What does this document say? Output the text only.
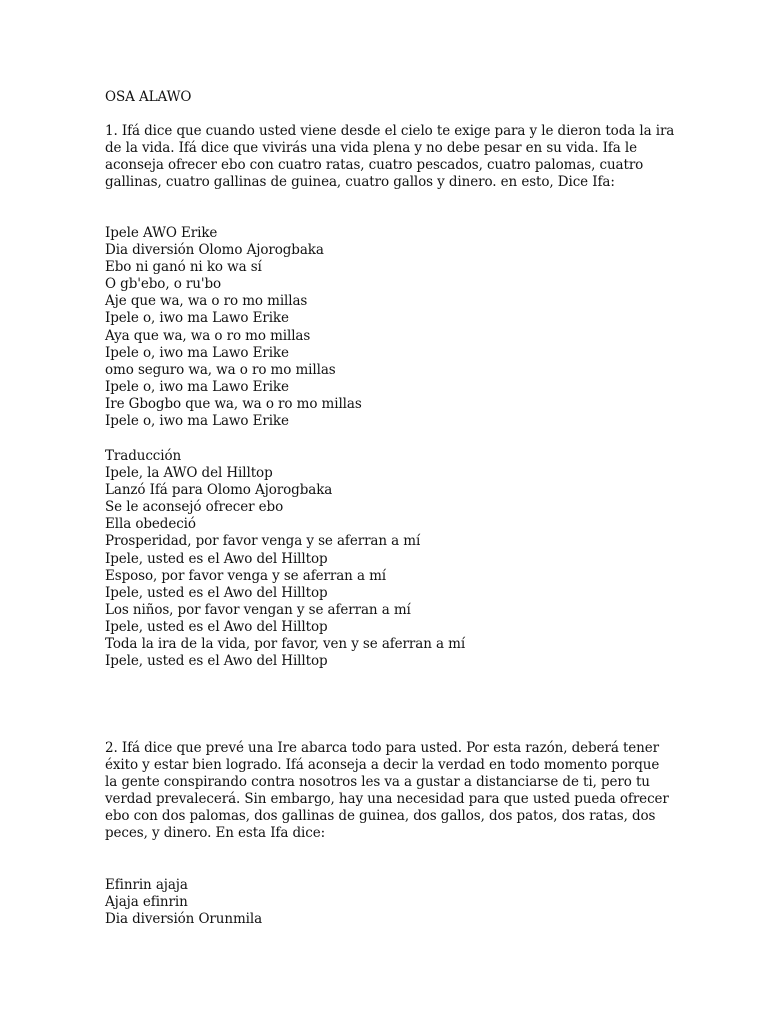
OSA ALAWO

1. Ifá dice que cuando usted viene desde el cielo te exige para y le dieron toda la ira

de la vida. Ifá dice que vivirás una vida plena y no debe pesar en su vida. Ifa le

aconseja ofrecer ebo con cuatro ratas, cuatro pescados, cuatro palomas, cuatro

gallinas, cuatro gallinas de guinea, cuatro gallos y dinero. en esto, Dice Ifa:

Ipele AWO Erike

Dia diversión Olomo Ajorogbaka

Ebo ni ganó ni ko wa sí

O gb'ebo, o ru'bo

Aje que wa, wa o ro mo millas

Ipele o, iwo ma Lawo Erike

Aya que wa, wa o ro mo millas

Ipele o, iwo ma Lawo Erike

omo seguro wa, wa o ro mo millas

Ipele o, iwo ma Lawo Erike

Ire Gbogbo que wa, wa o ro mo millas

Ipele o, iwo ma Lawo Erike

Traducción

Ipele, la AWO del Hilltop

Lanzó Ifá para Olomo Ajorogbaka

Se le aconsejó ofrecer ebo

Ella obedeció

Prosperidad, por favor venga y se aferran a mí

Ipele, usted es el Awo del Hilltop

Esposo, por favor venga y se aferran a mí

Ipele, usted es el Awo del Hilltop

Los niños, por favor vengan y se aferran a mí

Ipele, usted es el Awo del Hilltop

Toda la ira de la vida, por favor, ven y se aferran a mí

Ipele, usted es el Awo del Hilltop

2. Ifá dice que prevé una Ire abarca todo para usted. Por esta razón, deberá tener

éxito y estar bien logrado. Ifá aconseja a decir la verdad en todo momento porque

la gente conspirando contra nosotros les va a gustar a distanciarse de ti, pero tu

verdad prevalecerá. Sin embargo, hay una necesidad para que usted pueda ofrecer

ebo con dos palomas, dos gallinas de guinea, dos gallos, dos patos, dos ratas, dos

peces, y dinero. En esta Ifa dice:

Efinrin ajaja

Ajaja efinrin

Dia diversión Orunmila
